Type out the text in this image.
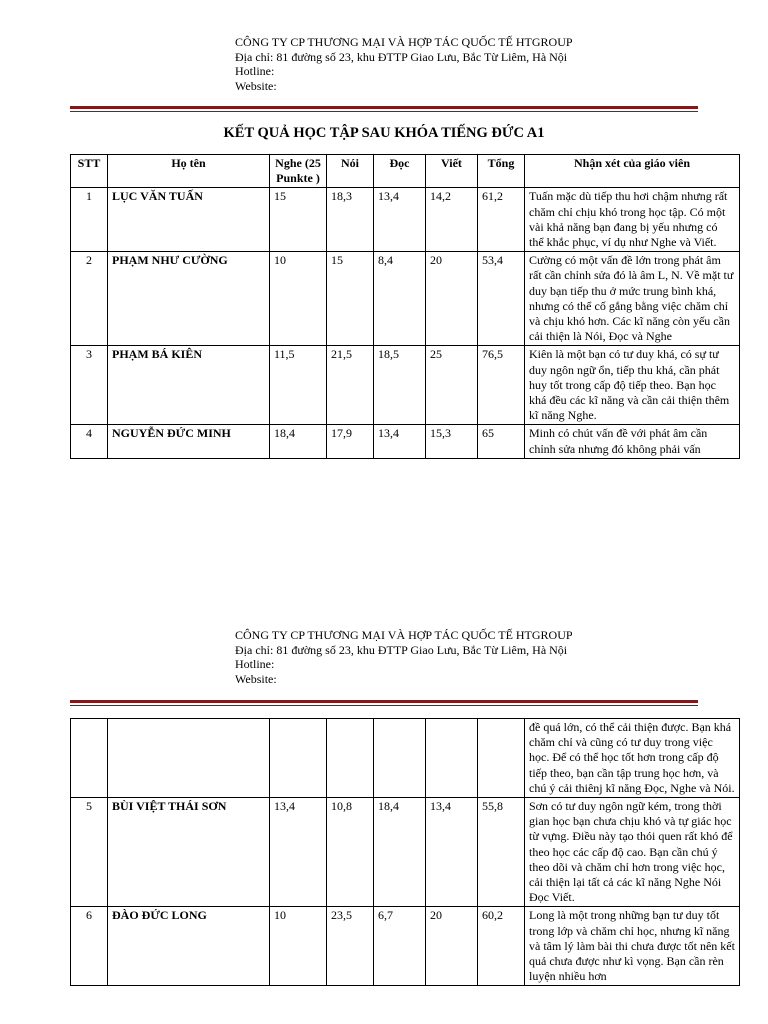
CÔNG TY CP THƯƠNG MẠI VÀ HỢP TÁC QUỐC TẾ HTGROUP
Địa chỉ: 81 đường số 23, khu ĐTTP Giao Lưu, Bắc Từ Liêm, Hà Nội
Hotline:
Website:
KẾT QUẢ HỌC TẬP SAU KHÓA TIẾNG ĐỨC A1
STT	Họ tên	Nghe (25 Punkte )	Nói	Đọc	Viết	Tổng	Nhận xét của giáo viên
1	LỤC VĂN TUẤN	15	18,3	13,4	14,2	61,2	Tuấn mặc dù tiếp thu hơi chậm nhưng rất chăm chỉ chịu khó trong học tập. Có một vài khả năng bạn đang bị yếu nhưng có thể khắc phục, ví dụ như Nghe và Viết.
2	PHẠM NHƯ CƯỜNG	10	15	8,4	20	53,4	Cường có một vấn đề lớn trong phát âm rất cần chỉnh sửa đó là âm L, N. Về mặt tư duy bạn tiếp thu ở mức trung bình khá, nhưng có thể cố gắng bằng việc chăm chỉ và chịu khó hơn. Các kĩ năng còn yếu cần cải thiện là Nói, Đọc và Nghe
3	PHẠM BÁ KIÊN	11,5	21,5	18,5	25	76,5	Kiên là một bạn có tư duy khá, có sự tư duy ngôn ngữ ổn, tiếp thu khá, cần phát huy tốt trong cấp độ tiếp theo. Bạn học khá đều các kĩ năng và cần cải thiện thêm kĩ năng Nghe.
4	NGUYỄN ĐỨC MINH	18,4	17,9	13,4	15,3	65	Minh có chút vấn đề với phát âm cần chỉnh sửa nhưng đó không phải vấn
CÔNG TY CP THƯƠNG MẠI VÀ HỢP TÁC QUỐC TẾ HTGROUP
Địa chỉ: 81 đường số 23, khu ĐTTP Giao Lưu, Bắc Từ Liêm, Hà Nội
Hotline:
Website:
							đề quá lớn, có thể cải thiện được. Bạn khá chăm chỉ và cũng có tư duy trong việc học. Để có thể học tốt hơn trong cấp độ tiếp theo, bạn cần tập trung học hơn, và chú ý cải thiênj kĩ năng Đọc, Nghe và Nói.
5	BÙI VIỆT THÁI SƠN	13,4	10,8	18,4	13,4	55,8	Sơn có tư duy ngôn ngữ kém, trong thời gian học bạn chưa chịu khó và tự giác học từ vựng. Điều này tạo thói quen rất khó để theo học các cấp độ cao. Bạn cần chú ý theo dõi và chăm chỉ hơn trong việc học, cải thiện lại tất cả các kĩ năng Nghe Nói Đọc Viết.
6	ĐÀO ĐỨC LONG	10	23,5	6,7	20	60,2	Long là một trong những bạn tư duy tốt trong lớp và chăm chỉ học, nhưng kĩ năng và tâm lý làm bài thi chưa được tốt nên kết quả chưa được như kì vọng. Bạn cần rèn luyện nhiều hơn
